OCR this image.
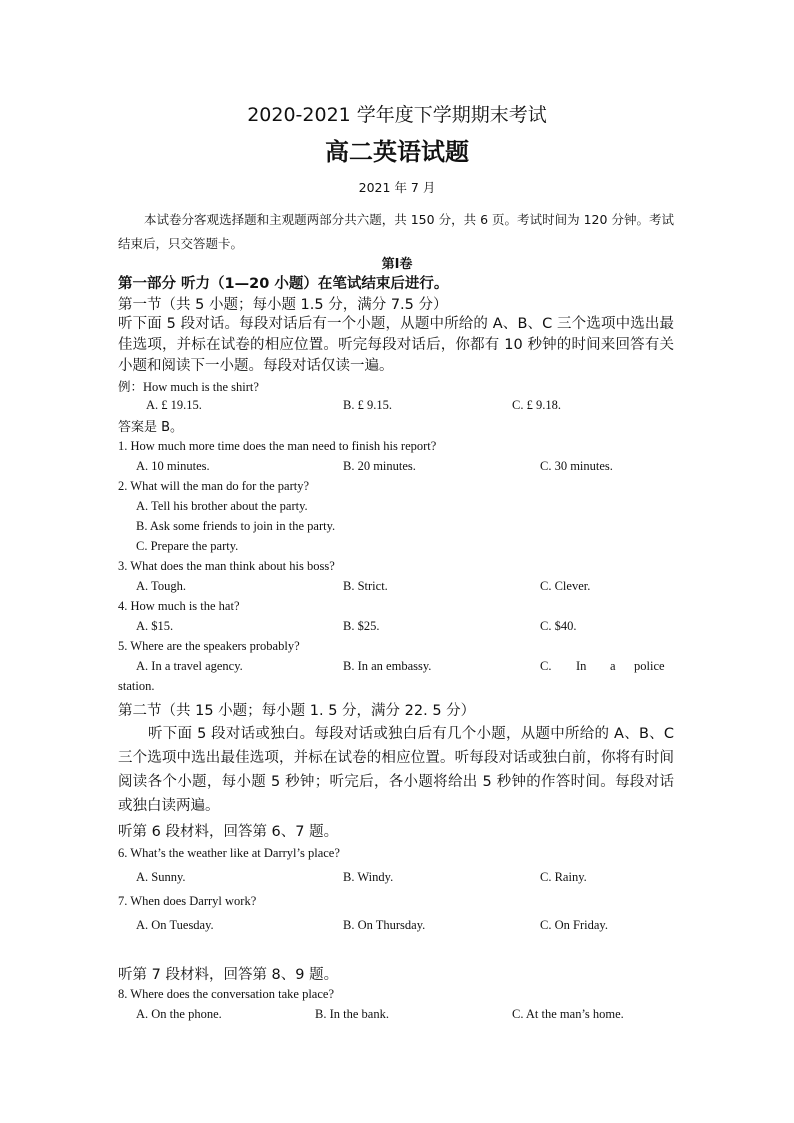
2020-2021 学年度下学期期末考试
高二英语试题
2021 年 7 月
本试卷分客观选择题和主观题两部分共六题，共 150 分，共 6 页。考试时间为 120 分钟。考试结束后，只交答题卡。
第Ⅰ卷
第一部分 听力（1—20 小题）在笔试结束后进行。
第一节（共 5 小题；每小题 1.5 分，满分 7.5 分）
听下面 5 段对话。每段对话后有一个小题，从题中所给的 A、B、C 三个选项中选出最佳选项，并标在试卷的相应位置。听完每段对话后，你都有 10 秒钟的时间来回答有关小题和阅读下一小题。每段对话仅读一遍。
例：How much is the shirt?
A. £ 19.15.	B. £ 9.15.	C. £ 9.18.
答案是 B。
1. How much more time does the man need to finish his report?
A. 10 minutes.	B. 20 minutes.	C. 30 minutes.
2. What will the man do for the party?
A. Tell his brother about the party.
B. Ask some friends to join in the party.
C. Prepare the party.
3. What does the man think about his boss?
A. Tough.	B. Strict.	C. Clever.
4. How much is the hat?
A. $15.	B. $25.	C. $40.
5. Where are the speakers probably?
A. In a travel agency.	B. In an embassy.	C. In a police
station.
第二节（共 15 小题；每小题 1. 5 分，满分 22. 5 分）
听下面 5 段对话或独白。每段对话或独白后有几个小题，从题中所给的 A、B、C 三个选项中选出最佳选项，并标在试卷的相应位置。听每段对话或独白前，你将有时间阅读各个小题，每小题 5 秒钟；听完后，各小题将给出 5 秒钟的作答时间。每段对话或独白读两遍。
听第 6 段材料，回答第 6、7 题。
6. What’s the weather like at Darryl’s place?
A. Sunny.	B. Windy.	C. Rainy.
7. When does Darryl work?
A. On Tuesday.	B. On Thursday.	C. On Friday.
听第 7 段材料，回答第 8、9 题。
8. Where does the conversation take place?
A. On the phone.	B. In the bank.	C. At the man’s home.
